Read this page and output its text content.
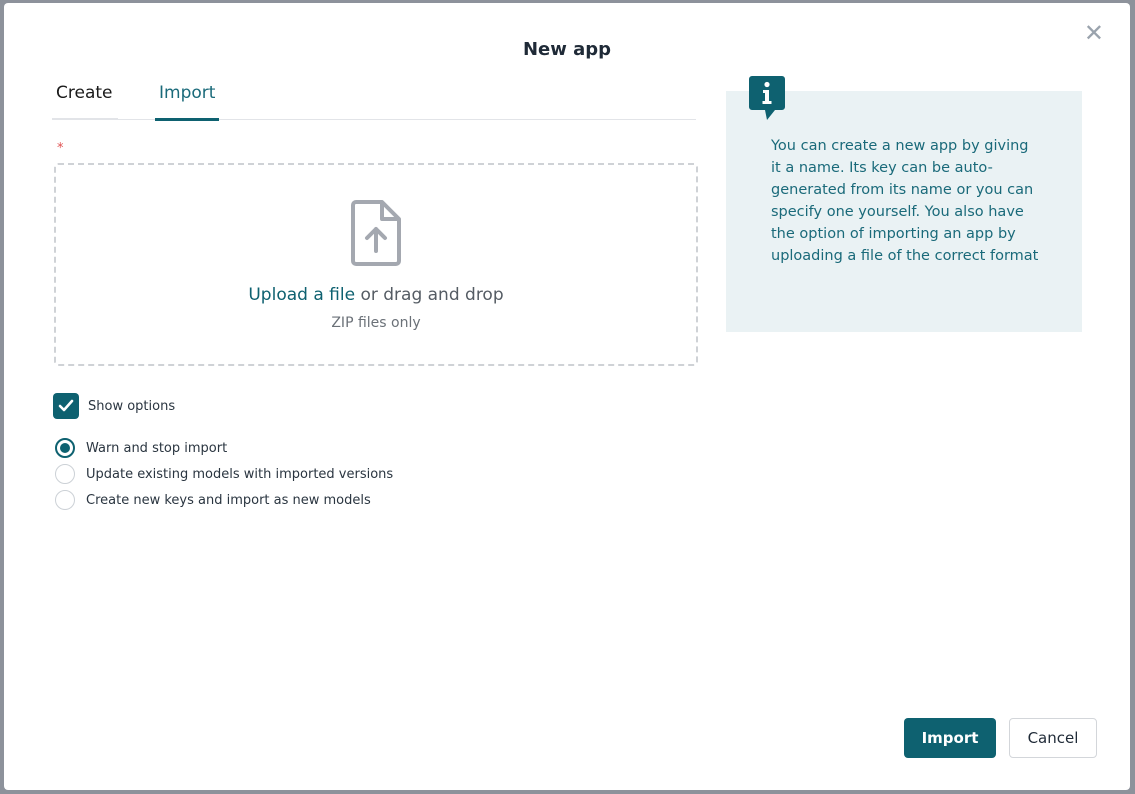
New app
✕
Create	Import
*
Upload a file or drag and drop
ZIP files only
Show options
Warn and stop import
Update existing models with imported versions
Create new keys and import as new models
You can create a new app by giving it a name. Its key can be auto-generated from its name or you can specify one yourself. You also have the option of importing an app by uploading a file of the correct format
Import	Cancel
